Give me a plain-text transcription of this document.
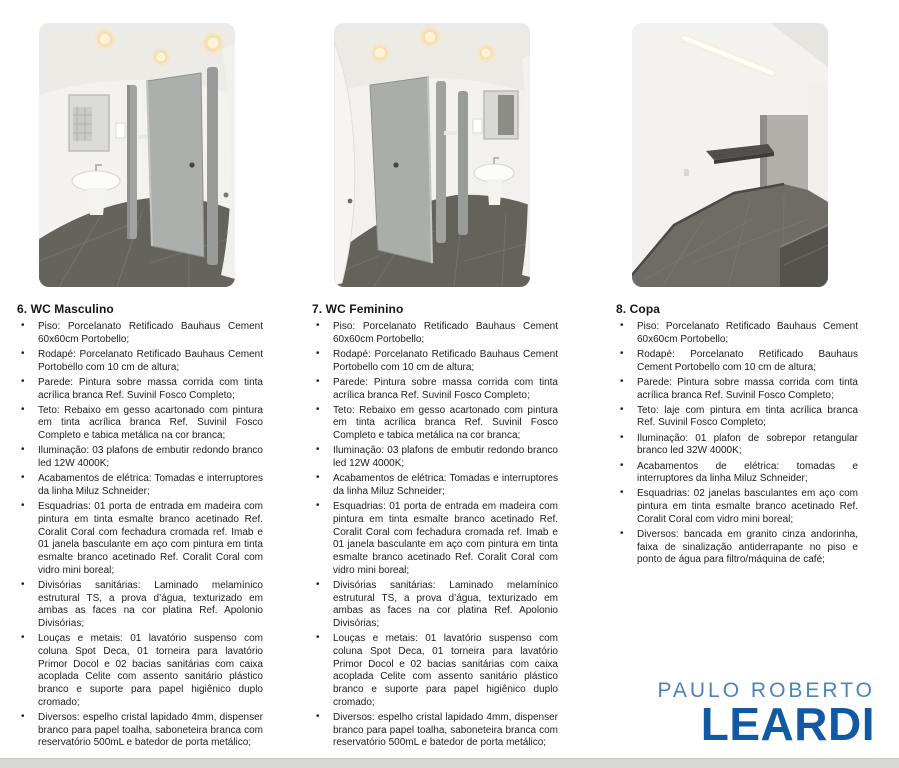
6. WC Masculino
• Piso: Porcelanato Retificado Bauhaus Cement 60x60cm Portobello;
• Rodapé: Porcelanato Retificado Bauhaus Cement Portobello com 10 cm de altura;
• Parede: Pintura sobre massa corrida com tinta acrílica branca Ref. Suvinil Fosco Completo;
• Teto: Rebaixo em gesso acartonado com pintura em tinta acrílica branca Ref. Suvinil Fosco Completo e tabica metálica na cor branca;
• Iluminação: 03 plafons de embutir redondo branco led 12W 4000K;
• Acabamentos de elétrica: Tomadas e interruptores da linha Miluz Schneider;
• Esquadrias: 01 porta de entrada em madeira com pintura em tinta esmalte branco acetinado Ref. Coralit Coral com fechadura cromada ref. Imab e 01 janela basculante em aço com pintura em tinta esmalte branco acetinado Ref. Coralit Coral com vidro mini boreal;
• Divisórias sanitárias: Laminado melamínico estrutural TS, a prova d’água, texturizado em ambas as faces na cor platina Ref. Apolonio Divisórias;
• Louças e metais: 01 lavatório suspenso com coluna Spot Deca, 01 torneira para lavatório Primor Docol e 02 bacias sanitárias com caixa acoplada Celite com assento sanitário plástico branco e suporte para papel higiênico duplo cromado;
• Diversos: espelho cristal lapidado 4mm, dispenser branco para papel toalha, saboneteira branca com reservatório 500mL e batedor de porta metálico;
7. WC Feminino
• Piso: Porcelanato Retificado Bauhaus Cement 60x60cm Portobello;
• Rodapé: Porcelanato Retificado Bauhaus Cement Portobello com 10 cm de altura;
• Parede: Pintura sobre massa corrida com tinta acrílica branca Ref. Suvinil Fosco Completo;
• Teto: Rebaixo em gesso acartonado com pintura em tinta acrílica branca Ref. Suvinil Fosco Completo e tabica metálica na cor branca;
• Iluminação: 03 plafons de embutir redondo branco led 12W 4000K;
• Acabamentos de elétrica: Tomadas e interruptores da linha Miluz Schneider;
• Esquadrias: 01 porta de entrada em madeira com pintura em tinta esmalte branco acetinado Ref. Coralit Coral com fechadura cromada ref. Imab e 01 janela basculante em aço com pintura em tinta esmalte branco acetinado Ref. Coralit Coral com vidro mini boreal;
• Divisórias sanitárias: Laminado melamínico estrutural TS, a prova d’água, texturizado em ambas as faces na cor platina Ref. Apolonio Divisórias;
• Louças e metais: 01 lavatório suspenso com coluna Spot Deca, 01 torneira para lavatório Primor Docol e 02 bacias sanitárias com caixa acoplada Celite com assento sanitário plástico branco e suporte para papel higiênico duplo cromado;
• Diversos: espelho cristal lapidado 4mm, dispenser branco para papel toalha, saboneteira branca com reservatório 500mL e batedor de porta metálico;
8. Copa
• Piso: Porcelanato Retificado Bauhaus Cement 60x60cm Portobello;
• Rodapé: Porcelanato Retificado Bauhaus Cement Portobello com 10 cm de altura;
• Parede: Pintura sobre massa corrida com tinta acrílica branca Ref. Suvinil Fosco Completo;
• Teto: laje com pintura em tinta acrílica branca Ref. Suvinil Fosco Completo;
• Iluminação: 01 plafon de sobrepor retangular branco led 32W 4000K;
• Acabamentos de elétrica: tomadas e interruptores da linha Miluz Schneider;
• Esquadrias: 02 janelas basculantes em aço com pintura em tinta esmalte branco acetinado Ref. Coralit Coral com vidro mini boreal;
• Diversos: bancada em granito cinza andorinha, faixa de sinalização antiderrapante no piso e ponto de água para filtro/máquina de café;
PAULO ROBERTO
LEARDI
